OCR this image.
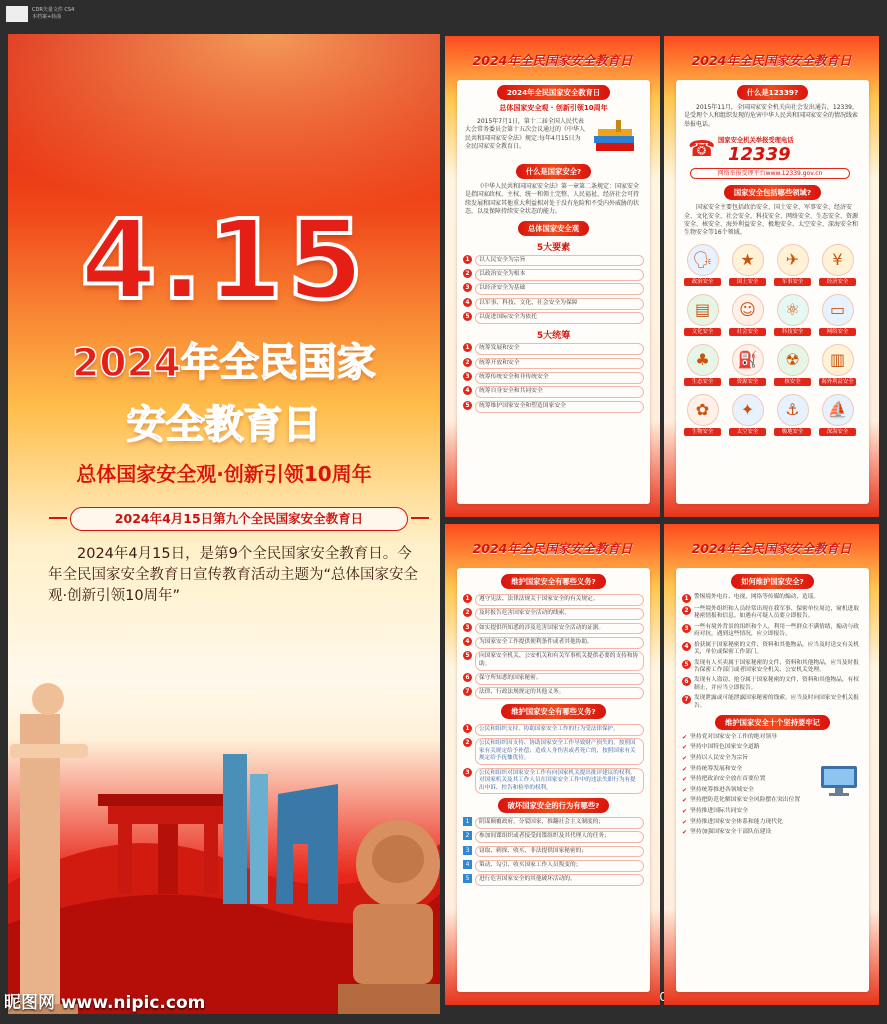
CDR矢量文件 CS4
本档案+转曲
4.15
2024年全民国家
安全教育日
总体国家安全观·创新引领10周年
2024年4月15日第九个全民国家安全教育日
2024年4月15日，是第9个全民国家安全教育日。今年全民国家安全教育日宣传教育活动主题为“总体国家安全观·创新引领10周年”
昵图网 www.nipic.com
2024年全民国家安全教育日
2024年全民国家安全教育日
总体国家安全观 · 创新引领10周年
2015年7月1日，第十二届全国人民代表大会常务委员会第十五次会议通过的《中华人民共和国国家安全法》规定:每年4月15日为全民国家安全教育日。
什么是国家安全?
《中华人民共和国国家安全法》第一章第二条规定：国家安全是指国家政权、主权、统一和领土完整、人民福祉、经济社会可持续发展和国家其他重大利益相对处于没有危险和不受内外威胁的状态，以及保障持续安全状态的能力。
总体国家安全观
5大要素
1	以人民安全为宗旨
2	以政治安全为根本
3	以经济安全为基础
4	以军事、科技、文化、社会安全为保障
5	以促进国际安全为依托
5大统筹
1	统筹发展和安全
2	统筹开放和安全
3	统筹传统安全和非传统安全
4	统筹自身安全和共同安全
5	统筹维护国家安全和塑造国家安全
2024年全民国家安全教育日
什么是12339?
2015年11月，全国国家安全机关向社会发出通告，12339，是受理个人和组织发现的危害中华人民共和国国家安全的情况线索举报电话。
☎ 国家安全机关举报受理电话
12339
网络举报受理平台www.12339.gov.cn
国家安全包括哪些领域?
国家安全主要包括政治安全、国土安全、军事安全、经济安全、文化安全、社会安全、科技安全、网络安全、生态安全、资源安全、核安全、海外利益安全、极地安全、太空安全、深海安全和生物安全等16个领域。
🗣
政治安全
★
国土安全
✈
军事安全
¥
经济安全
▤
文化安全
☺
社会安全
⚛
科技安全
▭
网络安全
♣
生态安全
⛽
资源安全
☢
核安全
▥
海外利益安全
✿
生物安全
✦
太空安全
⚓
极地安全
⛵
深海安全
2024年全民国家安全教育日
维护国家安全有哪些义务?
1	遵守宪法、法律法规关于国家安全的有关规定。
2	及时报告危害国家安全活动的线索。
3	如实提供所知悉的涉及危害国家安全活动的证据。
4	为国家安全工作提供便利条件或者其他协助。
5	向国家安全机关、公安机关和有关军事机关提供必要的支持和协助。
6	保守所知悉的国家秘密。
7	法律、行政法规规定的其他义务。
维护国家安全有哪些义务?
1	公民和组织支持、协助国家安全工作的行为受法律保护。
2	公民和组织因支持、协助国家安全工作导致财产损失的，按照国家有关规定给予补偿；造成人身伤害或者死亡的，按照国家有关规定给予抚恤优待。
3	公民和组织对国家安全工作有向国家机关提出批评建议的权利，对国家机关及其工作人员在国家安全工作中的违法失职行为有提出申诉、控告和检举的权利。
破坏国家安全的行为有哪些?
1	阴谋颠覆政府，分裂国家，推翻社会主义制度的；
2	参加间谍组织或者接受间谍组织及其代理人的任务；
3	窃取、刺探、收买、非法提供国家秘密的；
4	策动、勾引、收买国家工作人员叛变的；
5	进行危害国家安全的其他破坏活动的。
2024年全民国家安全教育日
如何维护国家安全?
1 警惕境外电台、电视、网络等传媒的煽动、造谣。
2 一些境外组织和人员经常出现在我军事、保密单位周边，窥机进取秘密情报和信息。如遇有可疑人员要立即报告。
3 一些有境外背景的组织和个人，利用一些群众不满情绪，煽动与政府对抗。遇到这些情况，应立即报告。
4 拾获属于国家秘密的文件、资料和其他物品，应当及时送交有关机关，单位或保密工作部门。
5 发现有人买卖属于国家秘密的文件、资料和其他物品，应当及时报告保密工作部门或者国家安全机关、公安机关处理。
6 发现有人盗窃、抢夺属于国家秘密的文件、资料和其他物品，有权制止，并应当立即报告。
7 发现泄露或可能泄露国家秘密的线索，应当及时向国家安全机关报告。
维护国家安全十个坚持要牢记
✔ 坚持党对国家安全工作的绝对领导
✔ 坚持中国特色国家安全道路
✔ 坚持以人民安全为宗旨
✔ 坚持统筹发展和安全
✔ 坚持把政治安全放在首要位置
✔ 坚持统筹推进各领域安全
✔ 坚持把防范化解国家安全风险摆在突出位置
✔ 坚持推进国际共同安全
✔ 坚持推进国家安全体系和能力现代化
✔ 坚持加强国家安全干部队伍建设
